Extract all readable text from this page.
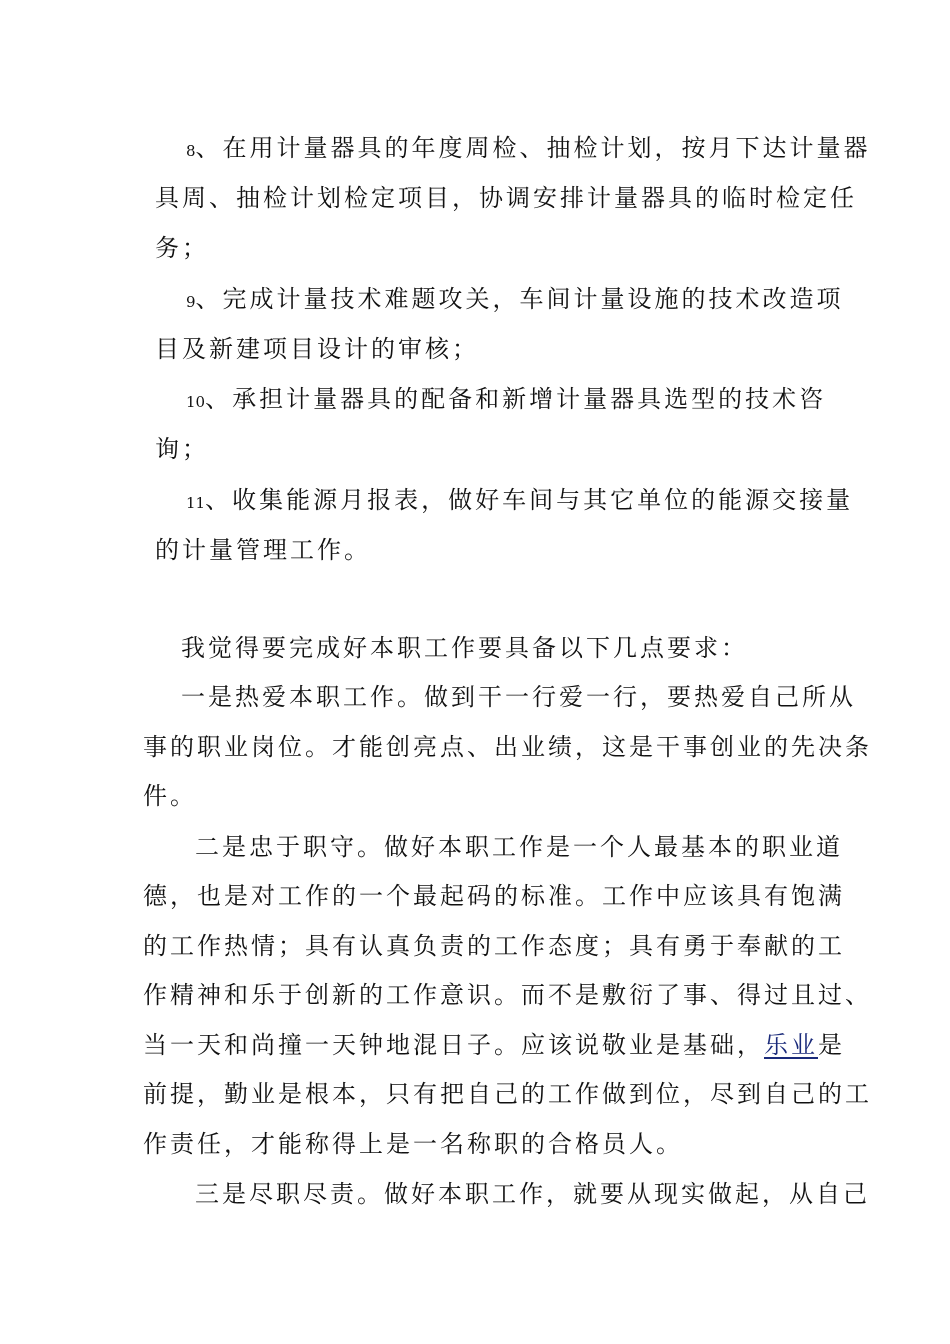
8、在用计量器具的年度周检、抽检计划，按月下达计量器
具周、抽检计划检定项目，协调安排计量器具的临时检定任
务；
9、完成计量技术难题攻关，车间计量设施的技术改造项
目及新建项目设计的审核；
10、承担计量器具的配备和新增计量器具选型的技术咨
询；
11、收集能源月报表，做好车间与其它单位的能源交接量
的计量管理工作。
我觉得要完成好本职工作要具备以下几点要求：
一是热爱本职工作。做到干一行爱一行，要热爱自己所从
事的职业岗位。才能创亮点、出业绩，这是干事创业的先决条
件。
二是忠于职守。做好本职工作是一个人最基本的职业道
德，也是对工作的一个最起码的标准。工作中应该具有饱满
的工作热情；具有认真负责的工作态度；具有勇于奉献的工
作精神和乐于创新的工作意识。而不是敷衍了事、得过且过、
当一天和尚撞一天钟地混日子。应该说敬业是基础，乐业是
前提，勤业是根本，只有把自己的工作做到位，尽到自己的工
作责任，才能称得上是一名称职的合格员人。
三是尽职尽责。做好本职工作，就要从现实做起，从自己
